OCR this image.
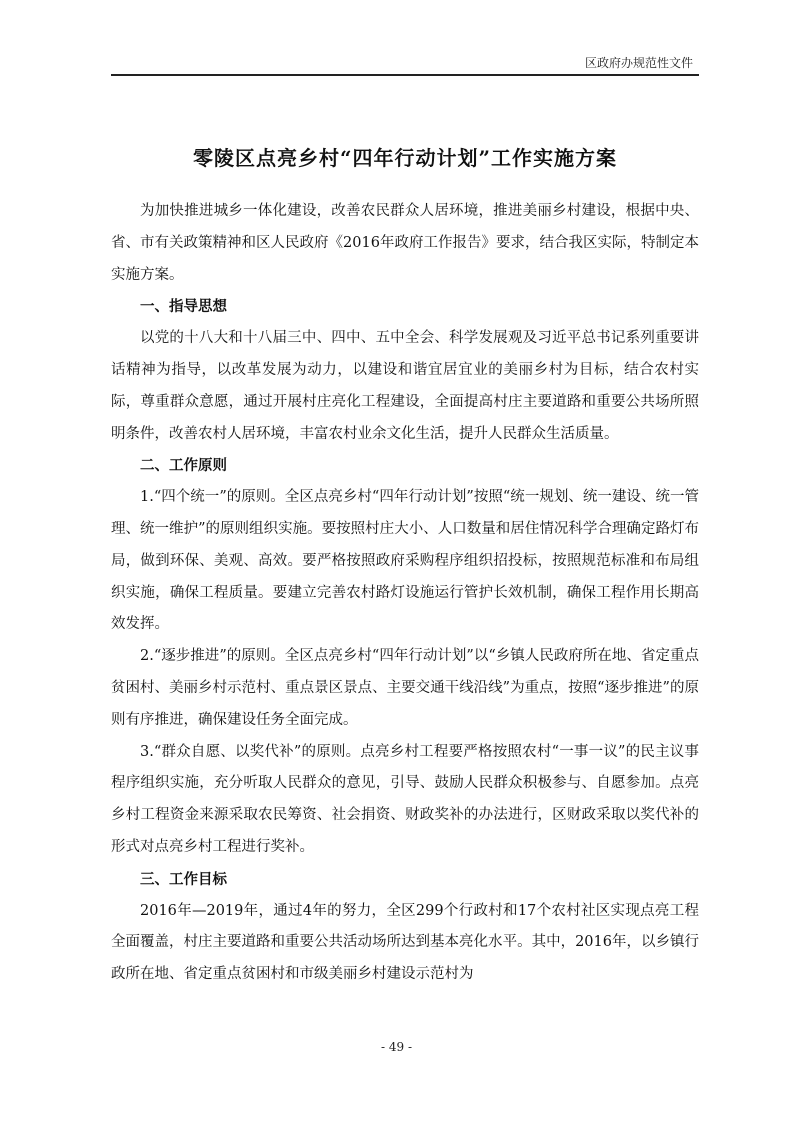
区政府办规范性文件
零陵区点亮乡村“四年行动计划”工作实施方案

为加快推进城乡一体化建设，改善农民群众人居环境，推进美丽乡村建设，根据中央、省、市有关政策精神和区人民政府《2016年政府工作报告》要求，结合我区实际，特制定本实施方案。

一、指导思想

以党的十八大和十八届三中、四中、五中全会、科学发展观及习近平总书记系列重要讲话精神为指导，以改革发展为动力，以建设和谐宜居宜业的美丽乡村为目标，结合农村实际，尊重群众意愿，通过开展村庄亮化工程建设，全面提高村庄主要道路和重要公共场所照明条件，改善农村人居环境，丰富农村业余文化生活，提升人民群众生活质量。

二、工作原则

1.“四个统一”的原则。全区点亮乡村“四年行动计划”按照“统一规划、统一建设、统一管理、统一维护”的原则组织实施。要按照村庄大小、人口数量和居住情况科学合理确定路灯布局，做到环保、美观、高效。要严格按照政府采购程序组织招投标，按照规范标准和布局组织实施，确保工程质量。要建立完善农村路灯设施运行管护长效机制，确保工程作用长期高效发挥。

2.“逐步推进”的原则。全区点亮乡村“四年行动计划”以“乡镇人民政府所在地、省定重点贫困村、美丽乡村示范村、重点景区景点、主要交通干线沿线”为重点，按照“逐步推进”的原则有序推进，确保建设任务全面完成。

3.“群众自愿、以奖代补”的原则。点亮乡村工程要严格按照农村“一事一议”的民主议事程序组织实施，充分听取人民群众的意见，引导、鼓励人民群众积极参与、自愿参加。点亮乡村工程资金来源采取农民筹资、社会捐资、财政奖补的办法进行，区财政采取以奖代补的形式对点亮乡村工程进行奖补。

三、工作目标

2016年—2019年，通过4年的努力，全区299个行政村和17个农村社区实现点亮工程全面覆盖，村庄主要道路和重要公共活动场所达到基本亮化水平。其中，2016年，以乡镇行政所在地、省定重点贫困村和市级美丽乡村建设示范村为

- 49 -
